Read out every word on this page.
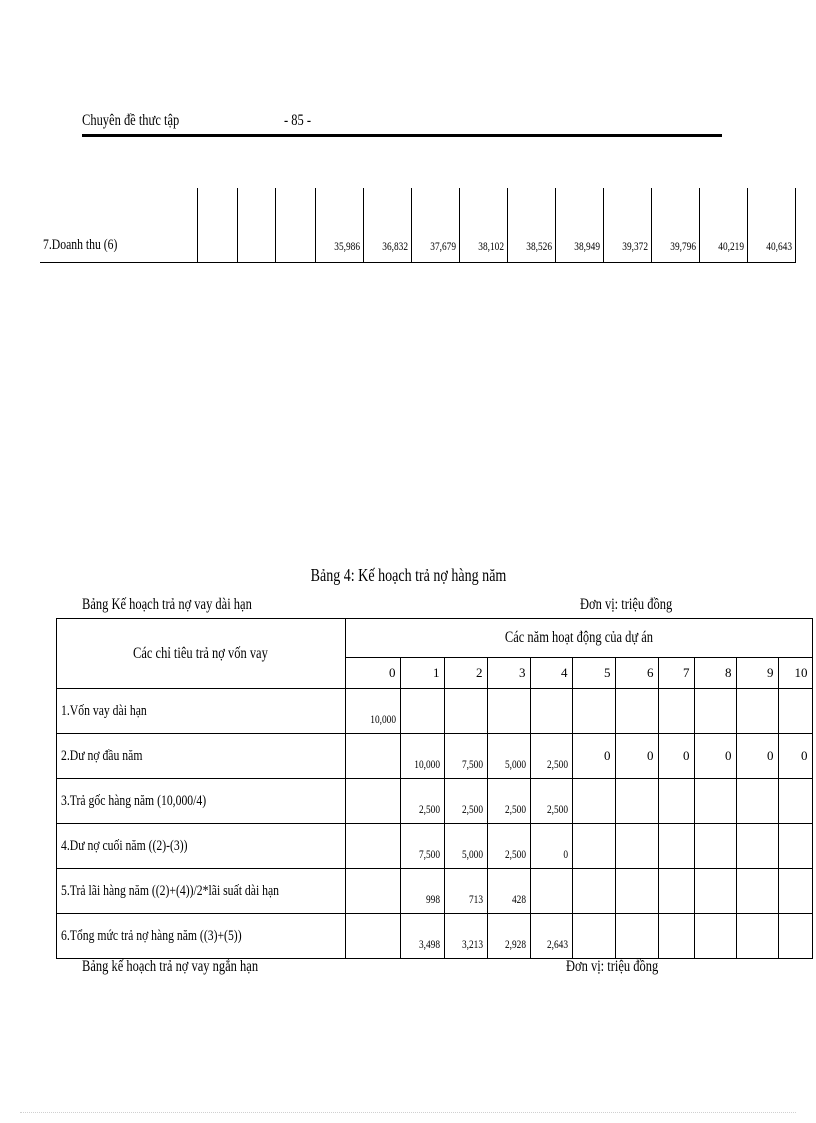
Chuyên đề thưc tập	- 85 -
7.Doanh thu (6)				35,986	36,832	37,679	38,102	38,526	38,949	39,372	39,796	40,219	40,643
Bảng 4: Kế hoạch trả nợ hàng năm
Bảng Kế hoạch trả nợ vay dài hạn	Đơn vị: triệu đồng
Các chỉ tiêu trả nợ vốn vay	Các năm hoạt động của dự án										
	0	1	2	3	4	5	6	7	8	9	10
1.Vốn vay dài hạn	10,000										
2.Dư nợ đầu năm		10,000	7,500	5,000	2,500	0	0	0	0	0	0
3.Trả gốc hàng năm (10,000/4)		2,500	2,500	2,500	2,500						
4.Dư nợ cuối năm ((2)-(3))		7,500	5,000	2,500	0						
5.Trả lãi hàng năm ((2)+(4))/2*lãi suất dài hạn		998	713	428							
6.Tổng mức trả nợ hàng năm ((3)+(5))		3,498	3,213	2,928	2,643						
Bảng kế hoạch trả nợ vay ngắn hạn	Đơn vị: triệu đồng
